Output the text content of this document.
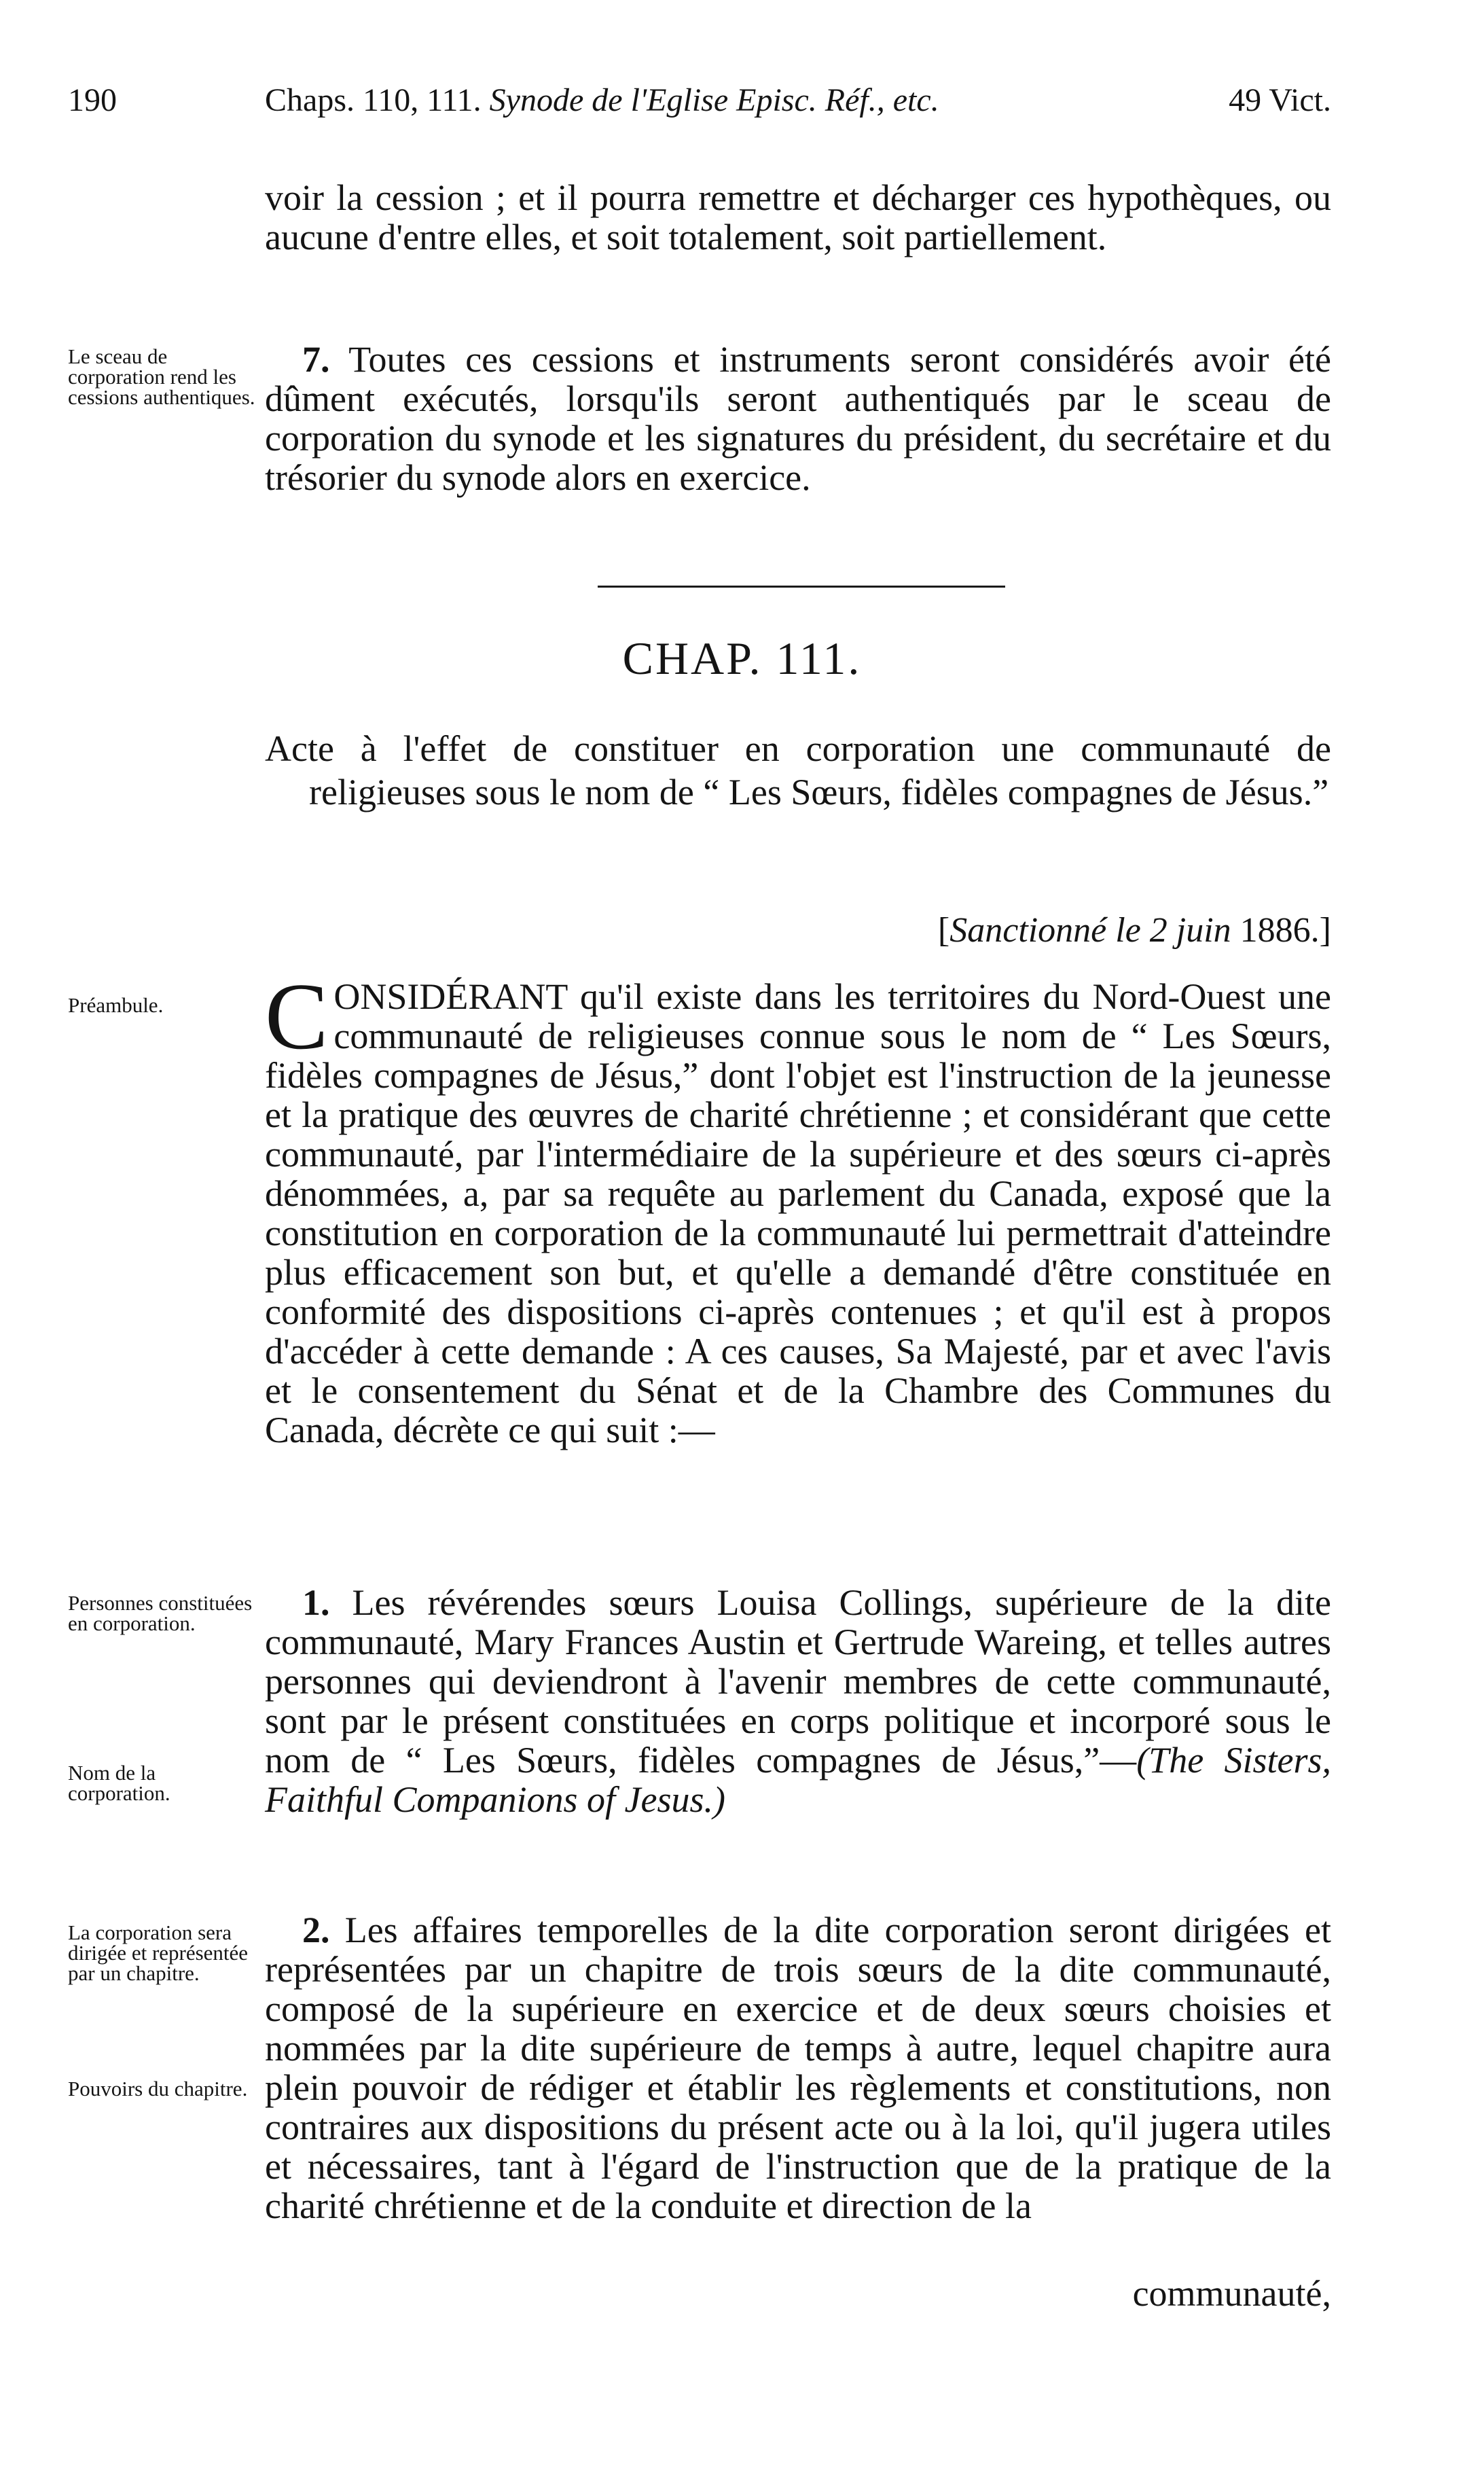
190	Chaps. 110, 111. Synode de l'Eglise Episc. Réf., etc.	49 Vict.

voir la cession ; et il pourra remettre et décharger ces hypothèques, ou aucune d'entre elles, et soit totalement, soit partiellement.

Le sceau de corporation rend les cessions authentiques.

7. Toutes ces cessions et instruments seront considérés avoir été dûment exécutés, lorsqu'ils seront authentiqués par le sceau de corporation du synode et les signatures du président, du secrétaire et du trésorier du synode alors en exercice.

CHAP. 111.
Acte à l'effet de constituer en corporation une communauté de religieuses sous le nom de “ Les Sœurs, fidèles compagnes de Jésus.”
[Sanctionné le 2 juin 1886.]
Préambule.	CONSIDÉRANT qu'il existe dans les territoires du Nord-Ouest une communauté de religieuses connue sous le nom de “ Les Sœurs, fidèles compagnes de Jésus,” dont l'objet est l'instruction de la jeunesse et la pratique des œuvres de charité chrétienne ; et considérant que cette communauté, par l'intermédiaire de la supérieure et des sœurs ci-après dénommées, a, par sa requête au parlement du Canada, exposé que la constitution en corporation de la communauté lui permettrait d'atteindre plus efficacement son but, et qu'elle a demandé d'être constituée en conformité des dispositions ci-après contenues ; et qu'il est à propos d'accéder à cette demande : A ces causes, Sa Majesté, par et avec l'avis et le consentement du Sénat et de la Chambre des Communes du Canada, décrète ce qui suit :—

Personnes constituées en corporation.
Nom de la corporation.

1. Les révérendes sœurs Louisa Collings, supérieure de la dite communauté, Mary Frances Austin et Gertrude Wareing, et telles autres personnes qui deviendront à l'avenir membres de cette communauté, sont par le présent constituées en corps politique et incorporé sous le nom de “ Les Sœurs, fidèles compagnes de Jésus,”—(The Sisters, Faithful Companions of Jesus.)

La corporation sera dirigée et représentée par un chapitre.
Pouvoirs du chapitre.

2. Les affaires temporelles de la dite corporation seront dirigées et représentées par un chapitre de trois sœurs de la dite communauté, composé de la supérieure en exercice et de deux sœurs choisies et nommées par la dite supérieure de temps à autre, lequel chapitre aura plein pouvoir de rédiger et établir les règlements et constitutions, non contraires aux dispositions du présent acte ou à la loi, qu'il jugera utiles et nécessaires, tant à l'égard de l'instruction que de la pratique de la charité chrétienne et de la conduite et direction de la

communauté,
